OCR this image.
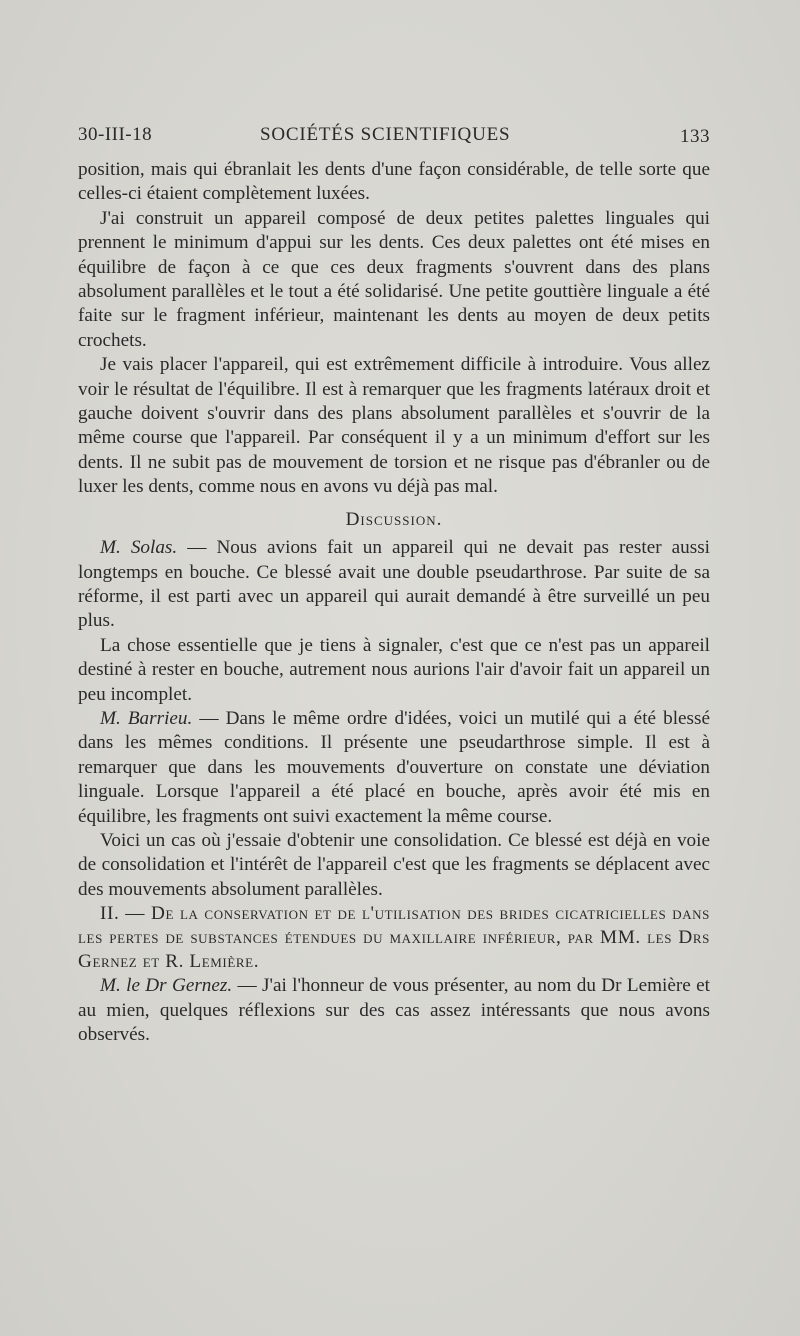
30-III-18	SOCIÉTÉS SCIENTIFIQUES	133

position, mais qui ébranlait les dents d'une façon considérable, de telle sorte que celles-ci étaient complètement luxées.

J'ai construit un appareil composé de deux petites palettes linguales qui prennent le minimum d'appui sur les dents. Ces deux palettes ont été mises en équilibre de façon à ce que ces deux fragments s'ouvrent dans des plans absolument parallèles et le tout a été solidarisé. Une petite gouttière linguale a été faite sur le fragment inférieur, maintenant les dents au moyen de deux petits crochets.

Je vais placer l'appareil, qui est extrêmement difficile à introduire. Vous allez voir le résultat de l'équilibre. Il est à remarquer que les fragments latéraux droit et gauche doivent s'ouvrir dans des plans absolument parallèles et s'ouvrir de la même course que l'appareil. Par conséquent il y a un minimum d'effort sur les dents. Il ne subit pas de mouvement de torsion et ne risque pas d'ébranler ou de luxer les dents, comme nous en avons vu déjà pas mal.

Discussion.

M. Solas. — Nous avions fait un appareil qui ne devait pas rester aussi longtemps en bouche. Ce blessé avait une double pseudarthrose. Par suite de sa réforme, il est parti avec un appareil qui aurait demandé à être surveillé un peu plus.

La chose essentielle que je tiens à signaler, c'est que ce n'est pas un appareil destiné à rester en bouche, autrement nous aurions l'air d'avoir fait un appareil un peu incomplet.

M. Barrieu. — Dans le même ordre d'idées, voici un mutilé qui a été blessé dans les mêmes conditions. Il présente une pseudarthrose simple. Il est à remarquer que dans les mouvements d'ouverture on constate une déviation linguale. Lorsque l'appareil a été placé en bouche, après avoir été mis en équilibre, les fragments ont suivi exactement la même course.

Voici un cas où j'essaie d'obtenir une consolidation. Ce blessé est déjà en voie de consolidation et l'intérêt de l'appareil c'est que les fragments se déplacent avec des mouvements absolument parallèles.

II. — De la conservation et de l'utilisation des brides cicatricielles dans les pertes de substances étendues du maxillaire inférieur, par MM. les Drs Gernez et R. Lemière.

M. le Dr Gernez. — J'ai l'honneur de vous présenter, au nom du Dr Lemière et au mien, quelques réflexions sur des cas assez intéressants que nous avons observés.
